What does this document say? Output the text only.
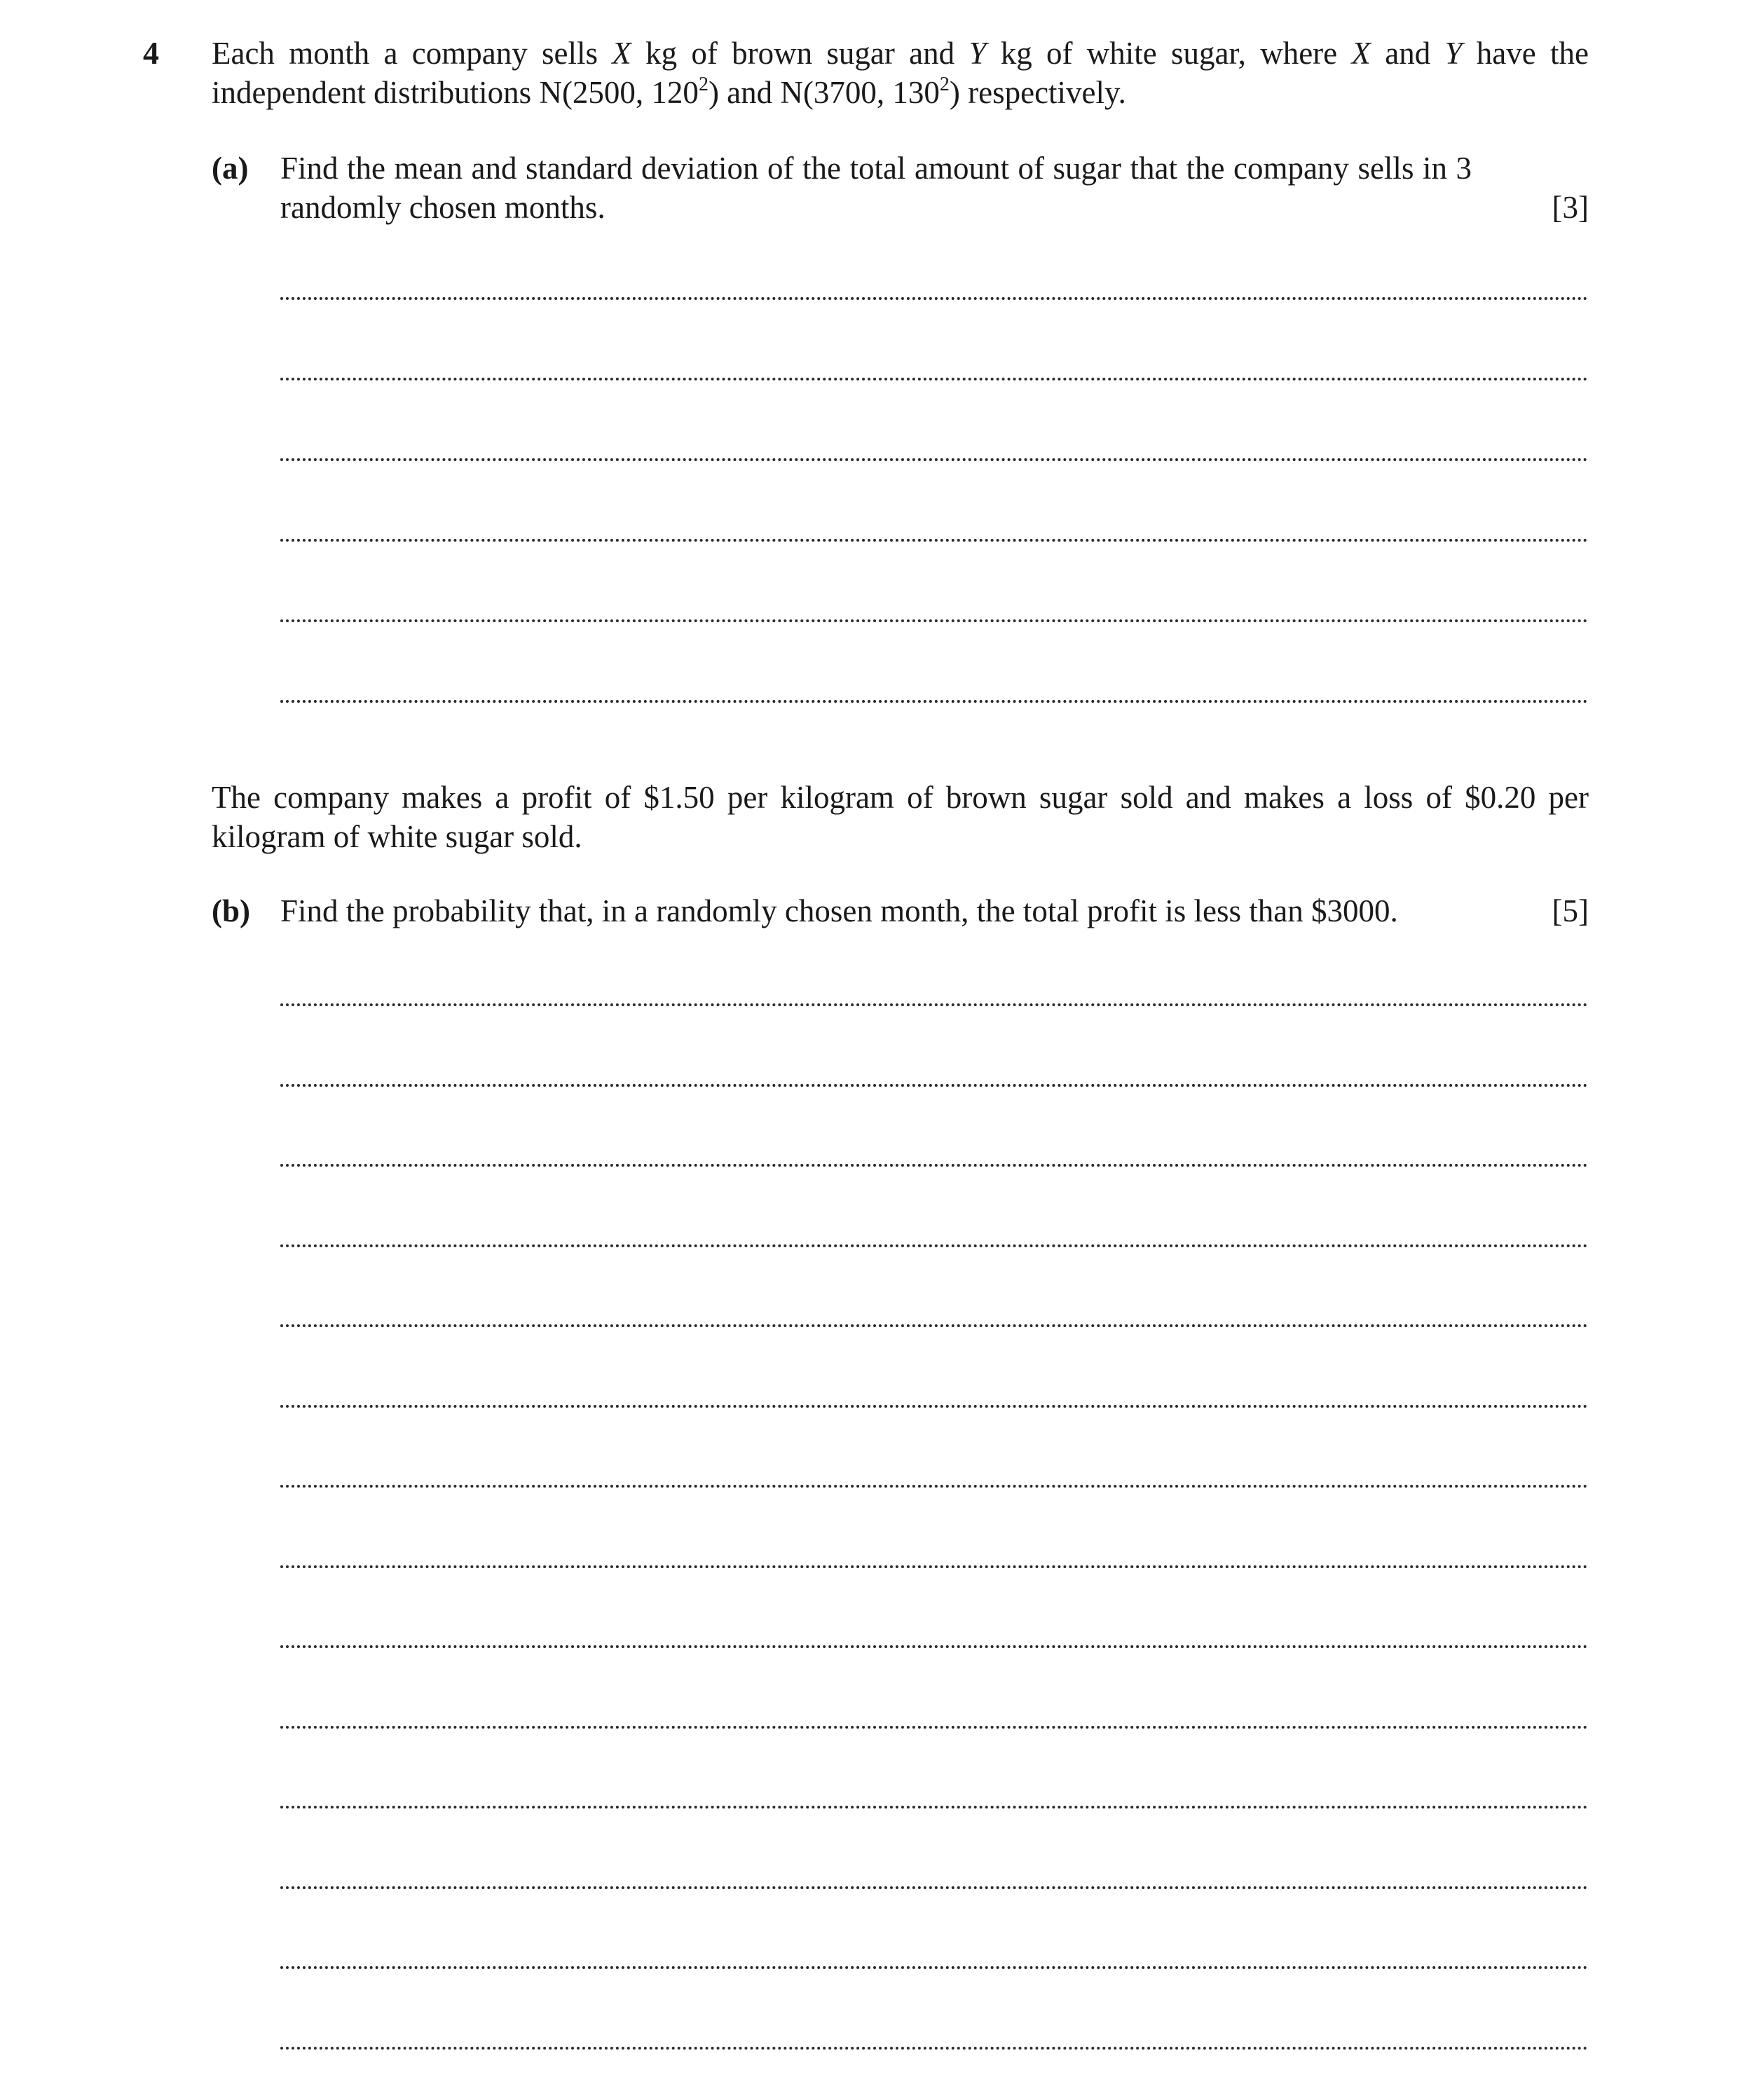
4 Each month a company sells X kg of brown sugar and Y kg of white sugar, where X and Y have the independent distributions N(2500, $120^2$) and N(3700, $130^2$) respectively.
(a) Find the mean and standard deviation of the total amount of sugar that the company sells in 3 randomly chosen months.	[3]
The company makes a profit of $1.50 per kilogram of brown sugar sold and makes a loss of $0.20 per kilogram of white sugar sold.
(b) Find the probability that, in a randomly chosen month, the total profit is less than $3000.	[5]
